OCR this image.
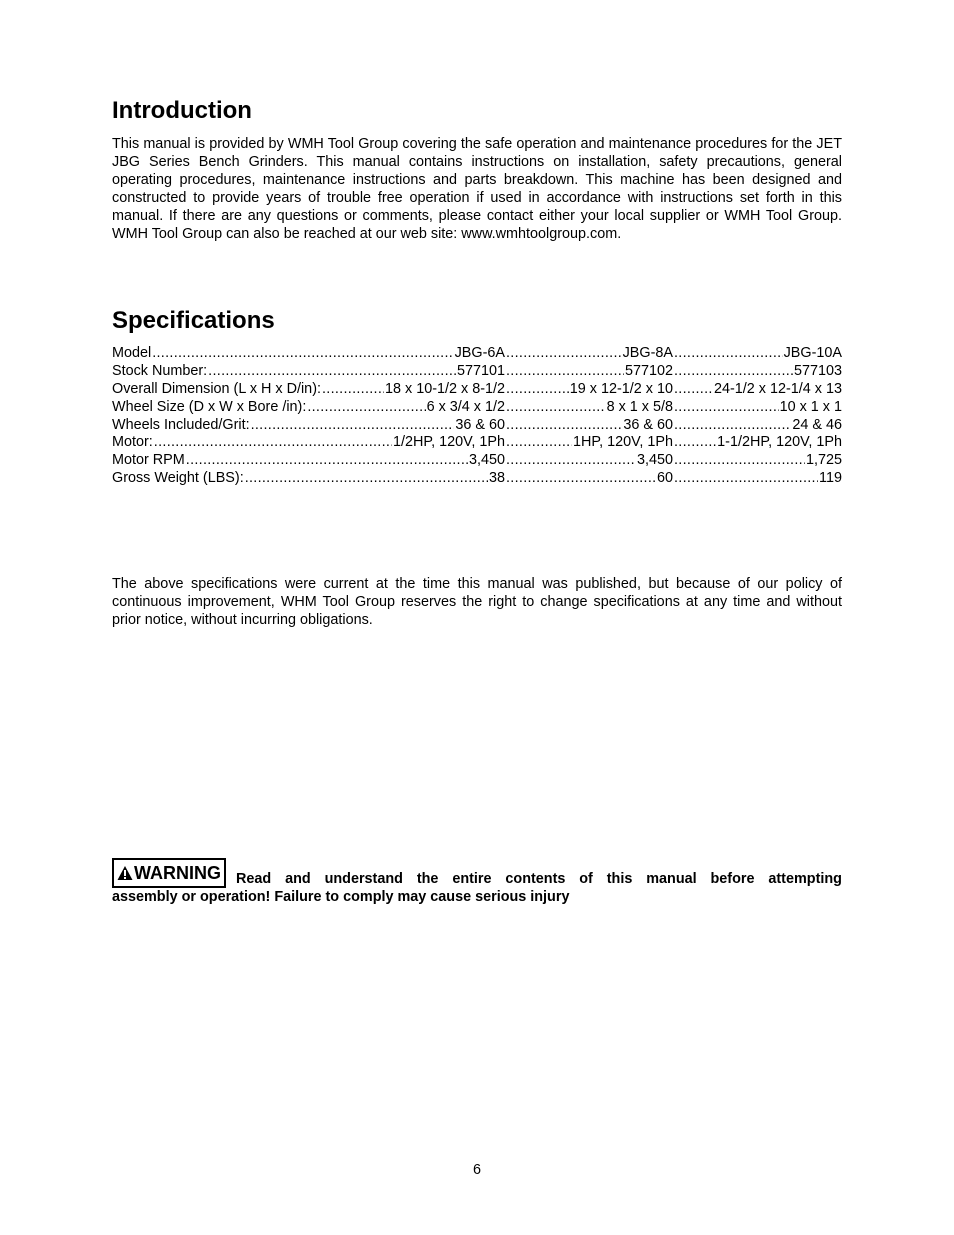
Introduction

This manual is provided by WMH Tool Group covering the safe operation and maintenance procedures for the JET JBG Series Bench Grinders. This manual contains instructions on installation, safety precautions, general operating procedures, maintenance instructions and parts breakdown. This machine has been designed and constructed to provide years of trouble free operation if used in accordance with instructions set forth in this manual. If there are any questions or comments, please contact either your local supplier or WMH Tool Group. WMH Tool Group can also be reached at our web site: www.wmhtoolgroup.com.

Specifications
Model .....	JBG-6A .....	JBG-8A .....	JBG-10A
Stock Number: .....	577101 .....	577102 .....	577103
Overall Dimension (L x H x D/in): .....	18 x 10-1/2 x 8-1/2 .....	19 x 12-1/2 x 10 .....	24-1/2 x 12-1/4 x 13
Wheel Size (D x W x Bore /in): .....	6 x 3/4 x 1/2 .....	8 x 1 x 5/8 .....	10 x 1 x 1
Wheels Included/Grit: .....	36 & 60 .....	36 & 60 .....	24 & 46
Motor: .....	1/2HP, 120V, 1Ph .....	1HP, 120V, 1Ph .....	1-1/2HP, 120V, 1Ph
Motor RPM .....	3,450 .....	3,450 .....	1,725
Gross Weight (LBS): .....	38 .....	60 .....	119

The above specifications were current at the time this manual was published, but because of our policy of continuous improvement, WHM Tool Group reserves the right to change specifications at any time and without prior notice, without incurring obligations.

WARNING Read and understand the entire contents of this manual before attempting
assembly or operation! Failure to comply may cause serious injury
6
